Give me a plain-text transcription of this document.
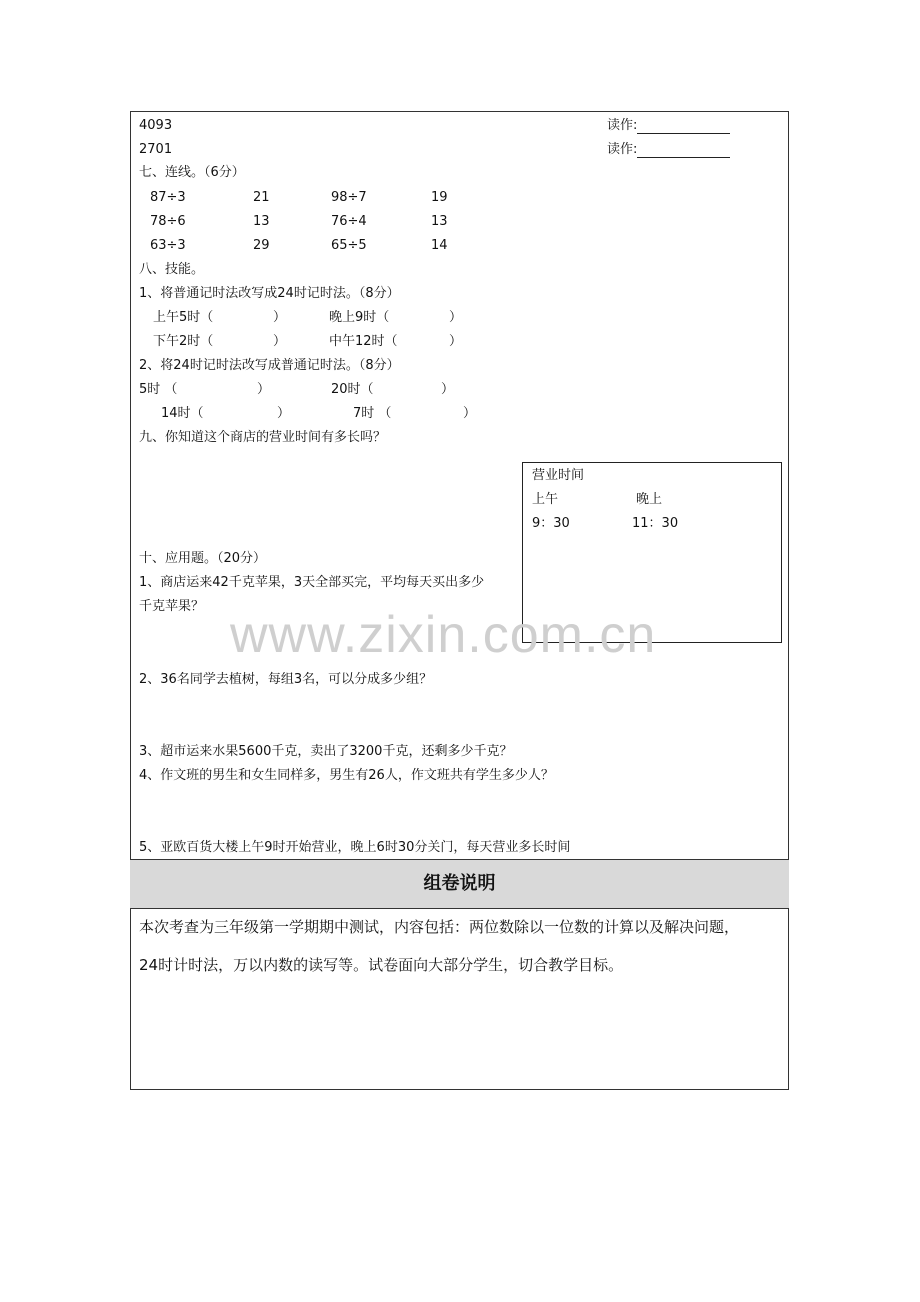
4093	读作:
2701	读作:
七、连线。（6分）
87÷3	21	98÷7	19
78÷6	13	76÷4	13
63÷3	29	65÷5	14
八、技能。
1、将普通记时法改写成24时记时法。（8分）
上午5时（	）	晚上9时（	）
下午2时（	）	中午12时（	）
2、将24时记时法改写成普通记时法。（8分）
5时 （	）	20时（	）
14时（	）	7时 （	）
九、你知道这个商店的营业时间有多长吗？
营业时间
上午	晚上
9：30	11：30
十、应用题。（20分）
1、商店运来42千克苹果，3天全部买完，平均每天买出多少
千克苹果？
2、36名同学去植树，每组3名，可以分成多少组？
3、超市运来水果5600千克，卖出了3200千克，还剩多少千克？
4、作文班的男生和女生同样多，男生有26人，作文班共有学生多少人？
5、亚欧百货大楼上午9时开始营业，晚上6时30分关门，每天营业多长时间
组卷说明
本次考查为三年级第一学期期中测试，内容包括：两位数除以一位数的计算以及解决问题，
24时计时法，万以内数的读写等。试卷面向大部分学生，切合教学目标。
www.zixin.com.cn
